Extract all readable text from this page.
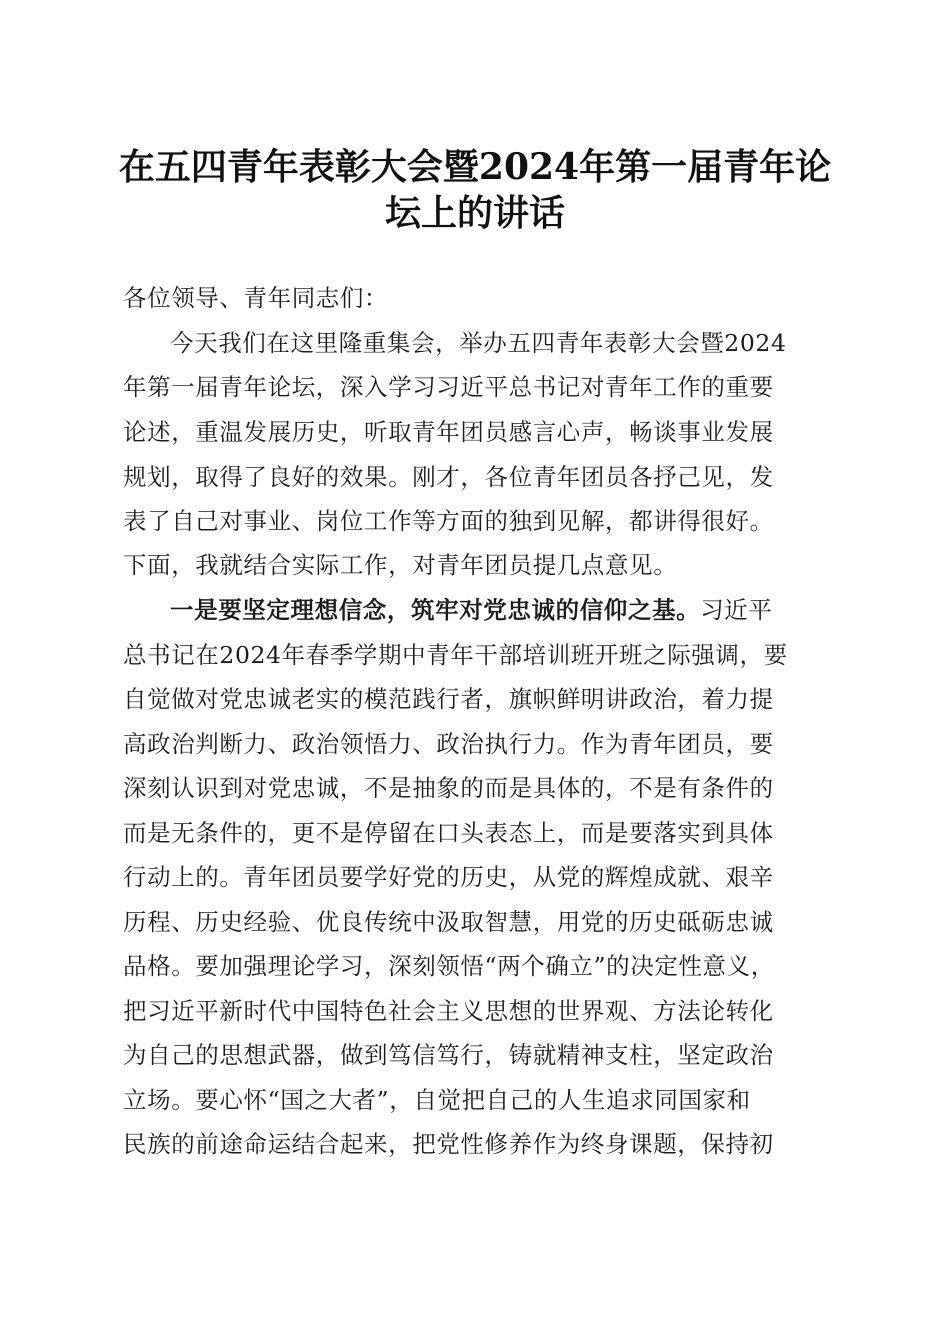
在五四青年表彰大会暨2024年第一届青年论
坛上的讲话
各位领导、青年同志们：
今天我们在这里隆重集会，举办五四青年表彰大会暨2024
年第一届青年论坛，深入学习习近平总书记对青年工作的重要
论述，重温发展历史，听取青年团员感言心声，畅谈事业发展
规划，取得了良好的效果。刚才，各位青年团员各抒己见，发
表了自己对事业、岗位工作等方面的独到见解，都讲得很好。
下面，我就结合实际工作，对青年团员提几点意见。
一是要坚定理想信念，筑牢对党忠诚的信仰之基。习近平
总书记在2024年春季学期中青年干部培训班开班之际强调，要
自觉做对党忠诚老实的模范践行者，旗帜鲜明讲政治，着力提
高政治判断力、政治领悟力、政治执行力。作为青年团员，要
深刻认识到对党忠诚，不是抽象的而是具体的，不是有条件的
而是无条件的，更不是停留在口头表态上，而是要落实到具体
行动上的。青年团员要学好党的历史，从党的辉煌成就、艰辛
历程、历史经验、优良传统中汲取智慧，用党的历史砥砺忠诚
品格。要加强理论学习，深刻领悟“两个确立”的决定性意义，
把习近平新时代中国特色社会主义思想的世界观、方法论转化
为自己的思想武器，做到笃信笃行，铸就精神支柱，坚定政治
立场。要心怀“国之大者”，自觉把自己的人生追求同国家和
民族的前途命运结合起来，把党性修养作为终身课题，保持初
